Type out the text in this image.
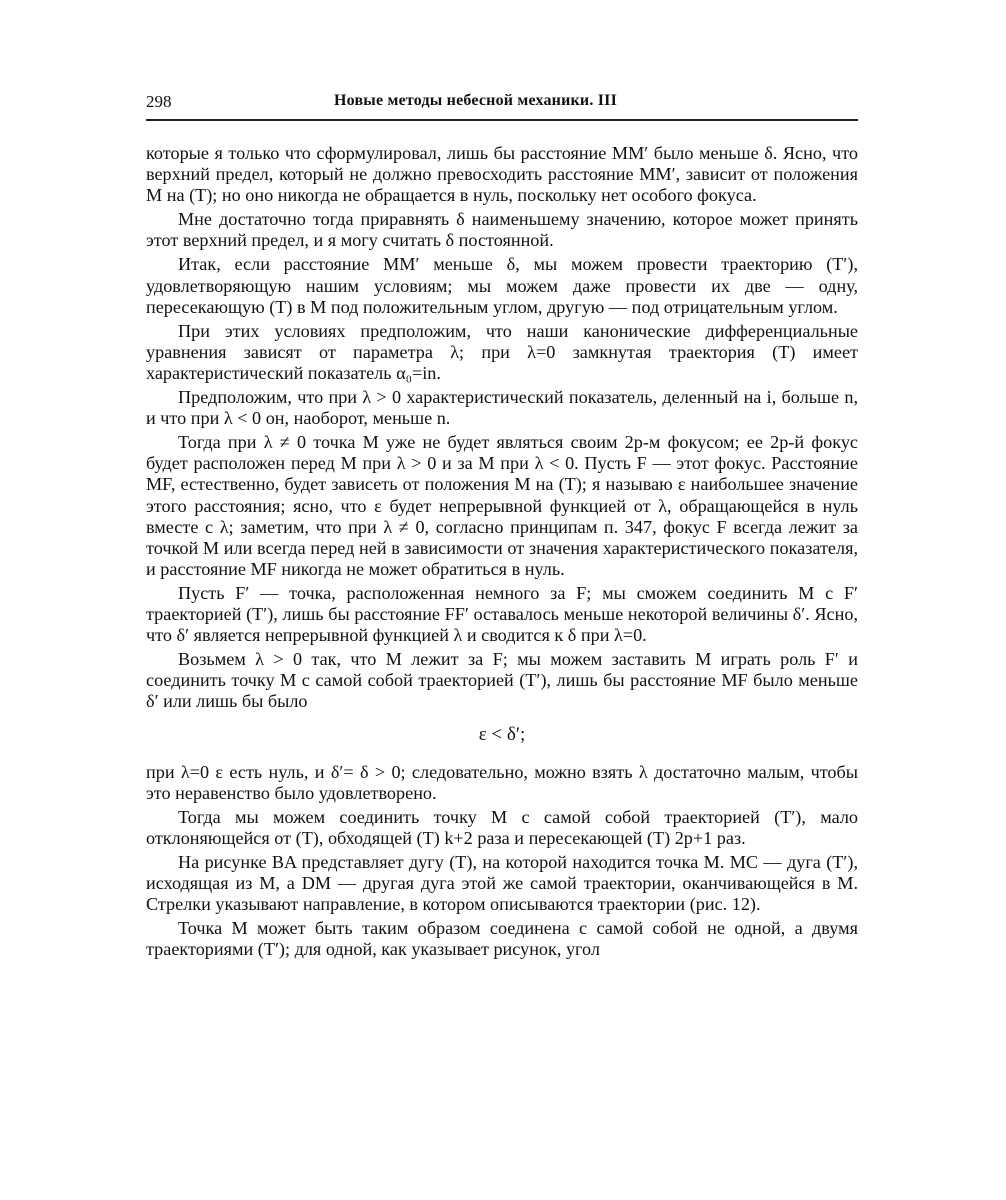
298	Новые методы небесной механики. III

которые я только что сформулировал, лишь бы расстояние MM′ было меньше δ. Ясно, что верхний предел, который не должно превосходить расстояние MM′, зависит от положения M на (T); но оно никогда не обращается в нуль, поскольку нет особого фокуса.

Мне достаточно тогда приравнять δ наименьшему значению, которое может принять этот верхний предел, и я могу считать δ постоянной.

Итак, если расстояние MM′ меньше δ, мы можем провести траекторию (T′), удовлетворяющую нашим условиям; мы можем даже провести их две — одну, пересекающую (T) в M под положительным углом, другую — под отрицательным углом.

При этих условиях предположим, что наши канонические дифференциальные уравнения зависят от параметра λ; при λ=0 замкнутая траектория (T) имеет характеристический показатель α₀=in.

Предположим, что при λ > 0 характеристический показатель, деленный на i, больше n, и что при λ < 0 он, наоборот, меньше n.

Тогда при λ ≠ 0 точка M уже не будет являться своим 2p-м фокусом; ее 2p-й фокус будет расположен перед M при λ > 0 и за M при λ < 0. Пусть F — этот фокус. Расстояние MF, естественно, будет зависеть от положения M на (T); я называю ε наибольшее значение этого расстояния; ясно, что ε будет непрерывной функцией от λ, обращающейся в нуль вместе с λ; заметим, что при λ ≠ 0, согласно принципам п. 347, фокус F всегда лежит за точкой M или всегда перед ней в зависимости от значения характеристического показателя, и расстояние MF никогда не может обратиться в нуль.

Пусть F′ — точка, расположенная немного за F; мы сможем соединить M с F′ траекторией (T′), лишь бы расстояние FF′ оставалось меньше некоторой величины δ′. Ясно, что δ′ является непрерывной функцией λ и сводится к δ при λ=0.

Возьмем λ > 0 так, что M лежит за F; мы можем заставить M играть роль F′ и соединить точку M с самой собой траекторией (T′), лишь бы расстояние MF было меньше δ′ или лишь бы было

ε < δ′;

при λ=0 ε есть нуль, и δ′= δ > 0; следовательно, можно взять λ достаточно малым, чтобы это неравенство было удовлетворено.

Тогда мы можем соединить точку M с самой собой траекторией (T′), мало отклоняющейся от (T), обходящей (T) k+2 раза и пересекающей (T) 2p+1 раз.

На рисунке BA представляет дугу (T), на которой находится точка M. MC — дуга (T′), исходящая из M, а DM — другая дуга этой же самой траектории, оканчивающейся в M. Стрелки указывают направление, в котором описываются траектории (рис. 12).

Точка M может быть таким образом соединена с самой собой не одной, а двумя траекториями (T′); для одной, как указывает рисунок, угол
